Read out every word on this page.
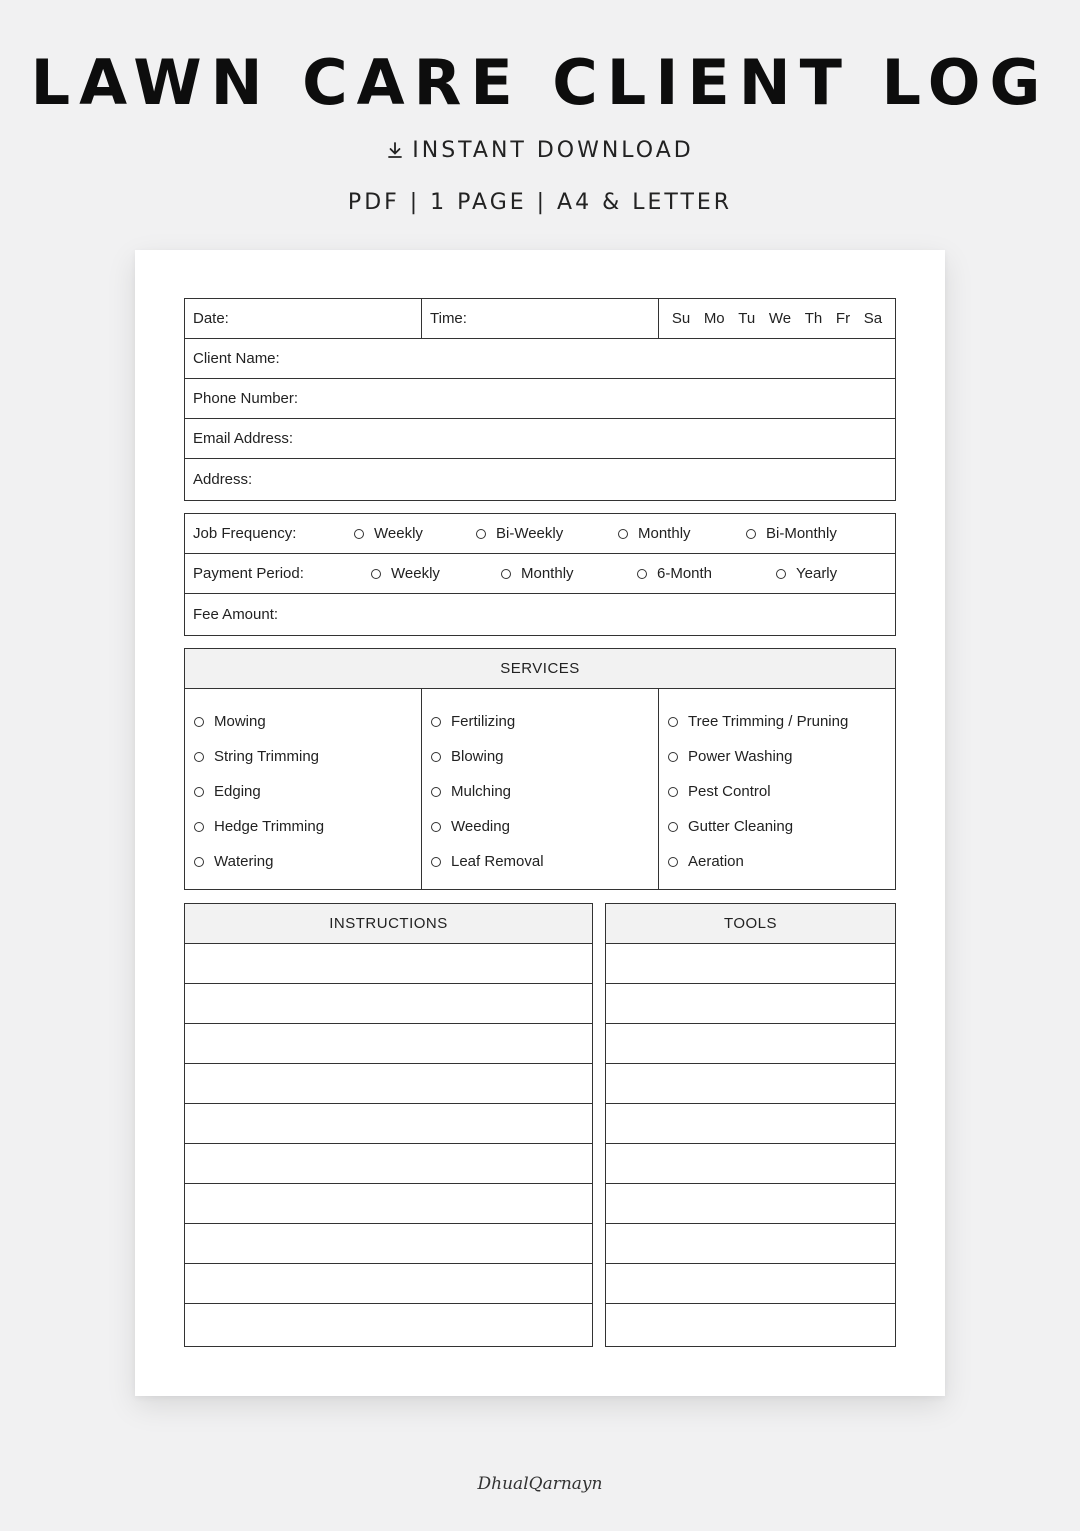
LAWN CARE CLIENT LOG
INSTANT DOWNLOAD
PDF | 1 PAGE | A4 & LETTER
Date:	Time:	Su Mo Tu We Th Fr Sa
Client Name:
Phone Number:
Email Address:
Address:
Job Frequency:	Weekly	Bi-Weekly	Monthly	Bi-Monthly
Payment Period:	Weekly	Monthly	6-Month	Yearly
Fee Amount:
SERVICES
Mowing
String Trimming
Edging
Hedge Trimming
Watering
Fertilizing
Blowing
Mulching
Weeding
Leaf Removal
Tree Trimming / Pruning
Power Washing
Pest Control
Gutter Cleaning
Aeration
INSTRUCTIONS	TOOLS
DhualQarnayn
